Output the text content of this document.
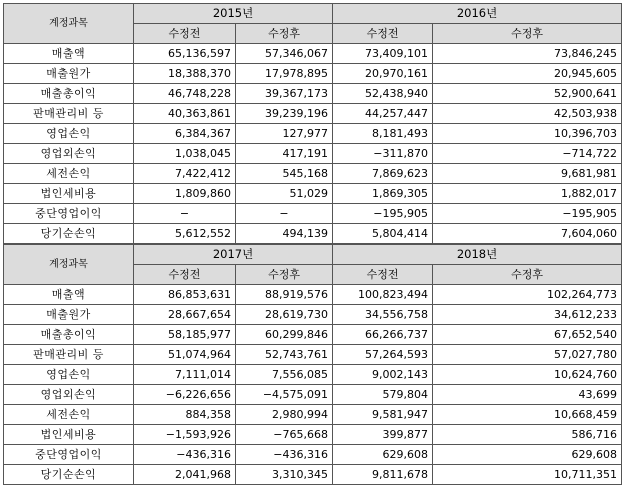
계정과목	2015년		2016년	
	수정전	수정후	수정전	수정후
매출액	65,136,597	57,346,067	73,409,101	73,846,245
매출원가	18,388,370	17,978,895	20,970,161	20,945,605
매출총이익	46,748,228	39,367,173	52,438,940	52,900,641
판매관리비 등	40,363,861	39,239,196	44,257,447	42,503,938
영업손익	6,384,367	127,977	8,181,493	10,396,703
영업외손익	1,038,045	417,191	−311,870	−714,722
세전손익	7,422,412	545,168	7,869,623	9,681,981
법인세비용	1,809,860	51,029	1,869,305	1,882,017
중단영업이익	−	−	−195,905	−195,905
당기순손익	5,612,552	494,139	5,804,414	7,604,060
계정과목	2017년		2018년	
	수정전	수정후	수정전	수정후
매출액	86,853,631	88,919,576	100,823,494	102,264,773
매출원가	28,667,654	28,619,730	34,556,758	34,612,233
매출총이익	58,185,977	60,299,846	66,266,737	67,652,540
판매관리비 등	51,074,964	52,743,761	57,264,593	57,027,780
영업손익	7,111,014	7,556,085	9,002,143	10,624,760
영업외손익	−6,226,656	−4,575,091	579,804	43,699
세전손익	884,358	2,980,994	9,581,947	10,668,459
법인세비용	−1,593,926	−765,668	399,877	586,716
중단영업이익	−436,316	−436,316	629,608	629,608
당기순손익	2,041,968	3,310,345	9,811,678	10,711,351
